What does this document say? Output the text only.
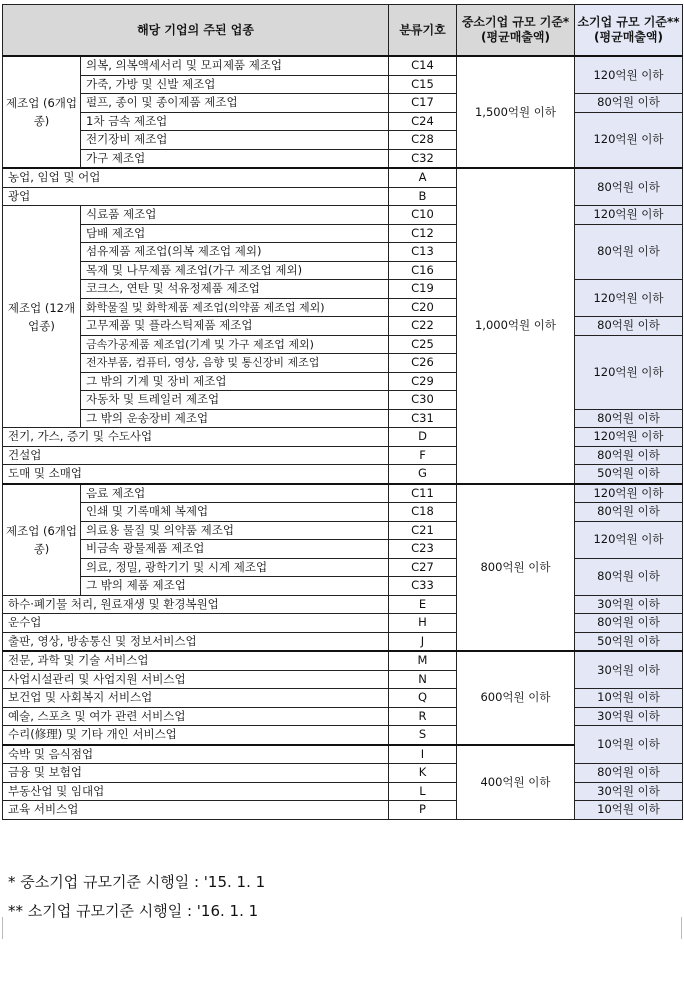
해당 기업의 주된 업종		분류기호	중소기업 규모 기준* (평균매출액)	소기업 규모 기준** (평균매출액)
제조업 (6개업종)	의복, 의복액세서리 및 모피제품 제조업	C14	1,500억원 이하	120억원 이하
	가죽, 가방 및 신발 제조업	C15		
	펄프, 종이 및 종이제품 제조업	C17		80억원 이하
	1차 금속 제조업	C24		120억원 이하
	전기장비 제조업	C28		
	가구 제조업	C32		
농업, 임업 및 어업		A	1,000억원 이하	80억원 이하
광업		B		
제조업 (12개업종)	식료품 제조업	C10		120억원 이하
	담배 제조업	C12		80억원 이하
	섬유제품 제조업(의복 제조업 제외)	C13		
	목재 및 나무제품 제조업(가구 제조업 제외)	C16		
	코크스, 연탄 및 석유정제품 제조업	C19		120억원 이하
	화학물질 및 화학제품 제조업(의약품 제조업 제외)	C20		
	고무제품 및 플라스틱제품 제조업	C22		80억원 이하
	금속가공제품 제조업(기계 및 가구 제조업 제외)	C25		120억원 이하
	전자부품, 컴퓨터, 영상, 음향 및 통신장비 제조업	C26		
	그 밖의 기계 및 장비 제조업	C29		
	자동차 및 트레일러 제조업	C30		
	그 밖의 운송장비 제조업	C31		80억원 이하
전기, 가스, 증기 및 수도사업		D		120억원 이하
건설업		F		80억원 이하
도매 및 소매업		G		50억원 이하
제조업 (6개업종)	음료 제조업	C11	800억원 이하	120억원 이하
	인쇄 및 기록매체 복제업	C18		80억원 이하
	의료용 물질 및 의약품 제조업	C21		120억원 이하
	비금속 광물제품 제조업	C23		
	의료, 정밀, 광학기기 및 시계 제조업	C27		80억원 이하
	그 밖의 제품 제조업	C33		
하수·폐기물 처리, 원료재생 및 환경복원업		E		30억원 이하
운수업		H		80억원 이하
출판, 영상, 방송통신 및 정보서비스업		J		50억원 이하
전문, 과학 및 기술 서비스업		M	600억원 이하	30억원 이하
사업시설관리 및 사업지원 서비스업		N		
보건업 및 사회복지 서비스업		Q		10억원 이하
예술, 스포츠 및 여가 관련 서비스업		R		30억원 이하
수리(修理) 및 기타 개인 서비스업		S		10억원 이하
숙박 및 음식점업		I	400억원 이하	
금융 및 보험업		K		80억원 이하
부동산업 및 임대업		L		30억원 이하
교육 서비스업		P		10억원 이하
* 중소기업 규모기준 시행일 : '15. 1. 1
** 소기업 규모기준 시행일 : '16. 1. 1
